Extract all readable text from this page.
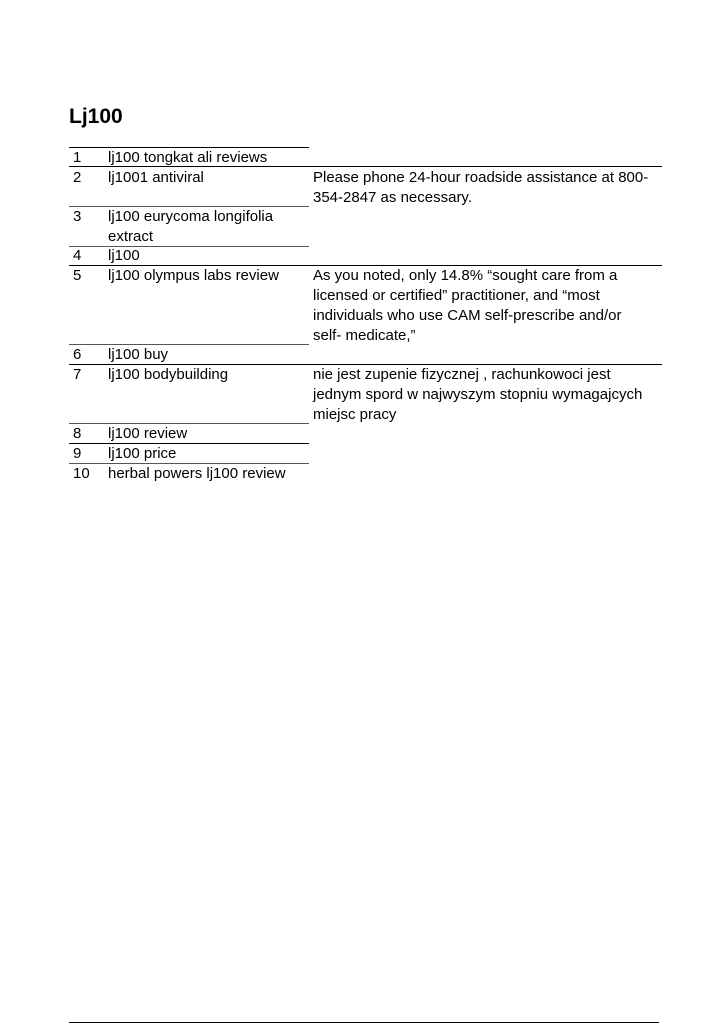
Lj100
1 lj100 tongkat ali reviews
2 lj1001 antiviral
3 lj100 eurycoma longifolia extract
4 lj100
5 lj100 olympus labs review
6 lj100 buy
7 lj100 bodybuilding
8 lj100 review
9 lj100 price
10 herbal powers lj100 review
Please phone 24-hour roadside assistance at 800-354-2847 as necessary.
As you noted, only 14.8% “sought care from a licensed or certified” practitioner, and “most individuals who use CAM self-prescribe and/or self- medicate,”
nie jest zupenie fizycznej , rachunkowoci jest jednym spord w najwyszym stopniu wymagajcych miejsc pracy
